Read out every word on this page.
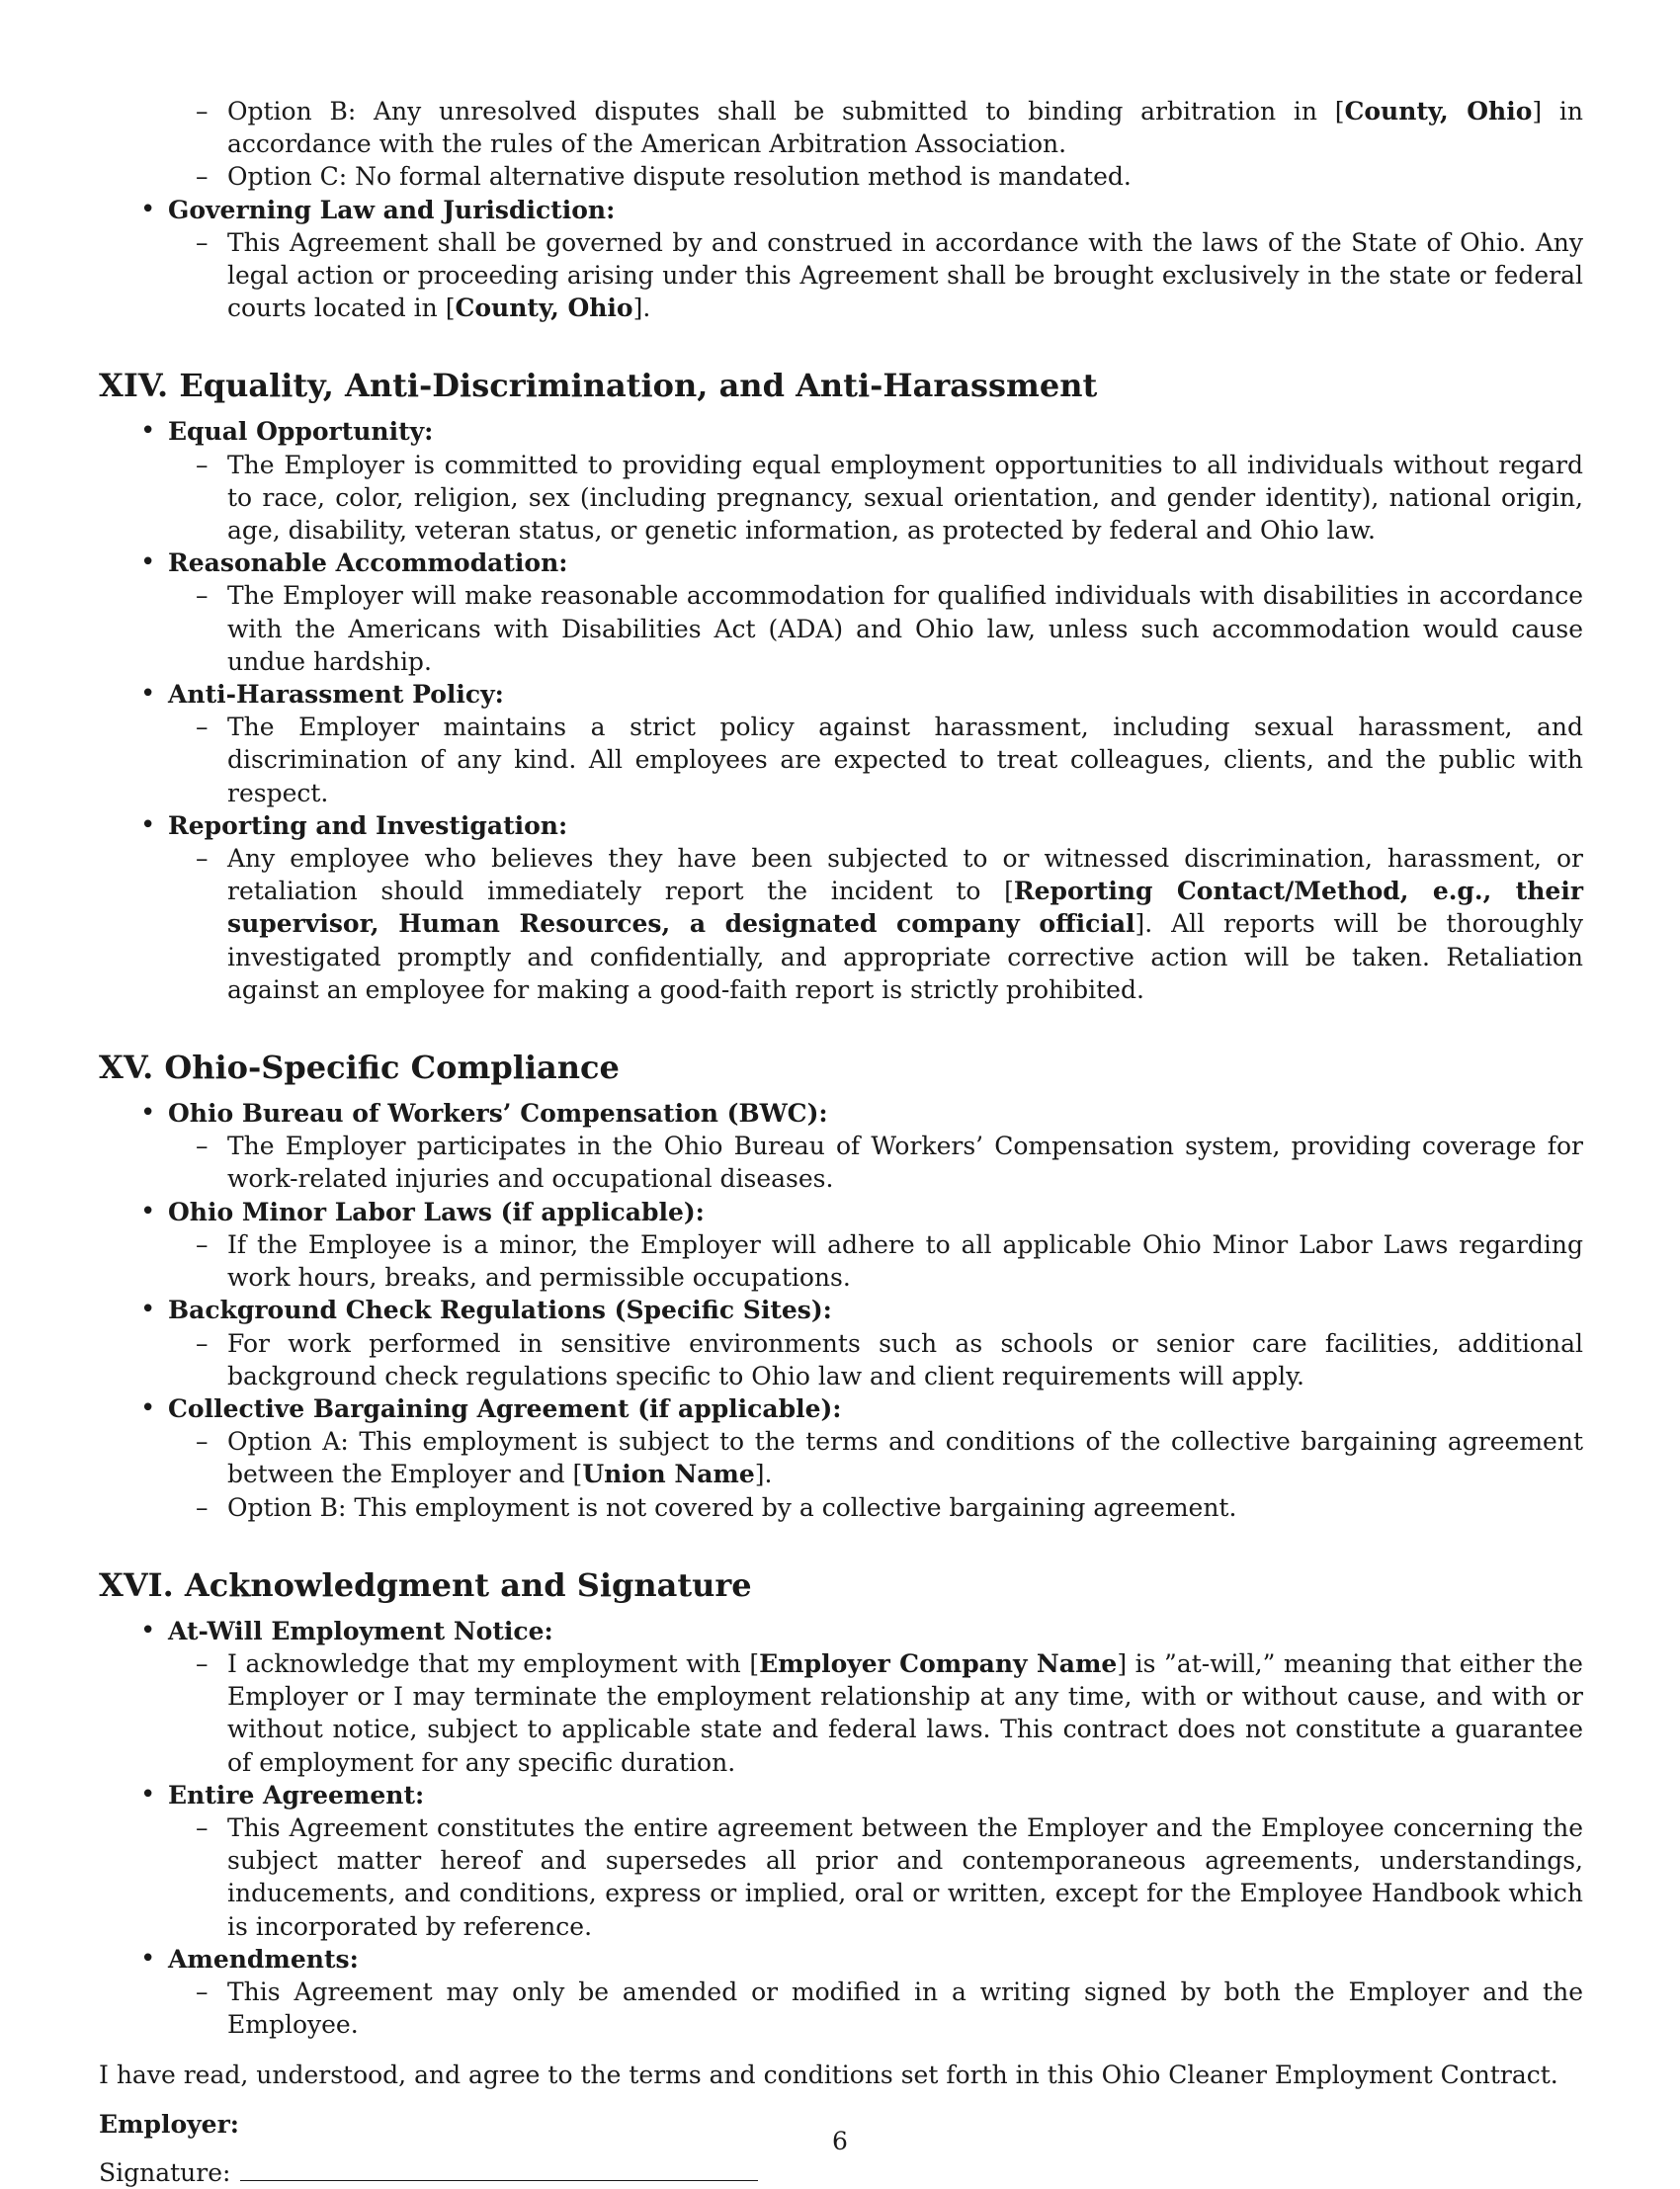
– Option B: Any unresolved disputes shall be submitted to binding arbitration in [County, Ohio] in accordance with the rules of the American Arbitration Association.
– Option C: No formal alternative dispute resolution method is mandated.
• Governing Law and Jurisdiction:
– This Agreement shall be governed by and construed in accordance with the laws of the State of Ohio. Any legal action or proceeding arising under this Agreement shall be brought exclusively in the state or federal courts located in [County, Ohio].
XIV. Equality, Anti-Discrimination, and Anti-Harassment
• Equal Opportunity:
– The Employer is committed to providing equal employment opportunities to all individuals without regard to race, color, religion, sex (including pregnancy, sexual orientation, and gender identity), national origin, age, disability, veteran status, or genetic information, as protected by federal and Ohio law.
• Reasonable Accommodation:
– The Employer will make reasonable accommodation for qualified individuals with disabilities in accordance with the Americans with Disabilities Act (ADA) and Ohio law, unless such accommodation would cause undue hardship.
• Anti-Harassment Policy:
– The Employer maintains a strict policy against harassment, including sexual harassment, and discrimination of any kind. All employees are expected to treat colleagues, clients, and the public with respect.
• Reporting and Investigation:
– Any employee who believes they have been subjected to or witnessed discrimination, harassment, or retaliation should immediately report the incident to [Reporting Contact/Method, e.g., their supervisor, Human Resources, a designated company official]. All reports will be thoroughly investigated promptly and confidentially, and appropriate corrective action will be taken. Retaliation against an employee for making a good-faith report is strictly prohibited.
XV. Ohio-Specific Compliance
• Ohio Bureau of Workers’ Compensation (BWC):
– The Employer participates in the Ohio Bureau of Workers’ Compensation system, providing coverage for work-related injuries and occupational diseases.
• Ohio Minor Labor Laws (if applicable):
– If the Employee is a minor, the Employer will adhere to all applicable Ohio Minor Labor Laws regarding work hours, breaks, and permissible occupations.
• Background Check Regulations (Specific Sites):
– For work performed in sensitive environments such as schools or senior care facilities, additional background check regulations specific to Ohio law and client requirements will apply.
• Collective Bargaining Agreement (if applicable):
– Option A: This employment is subject to the terms and conditions of the collective bargaining agreement between the Employer and [Union Name].
– Option B: This employment is not covered by a collective bargaining agreement.
XVI. Acknowledgment and Signature
• At-Will Employment Notice:
– I acknowledge that my employment with [Employer Company Name] is ”at-will,” meaning that either the Employer or I may terminate the employment relationship at any time, with or without cause, and with or without notice, subject to applicable state and federal laws. This contract does not constitute a guarantee of employment for any specific duration.
• Entire Agreement:
– This Agreement constitutes the entire agreement between the Employer and the Employee concerning the subject matter hereof and supersedes all prior and contemporaneous agreements, understandings, inducements, and conditions, express or implied, oral or written, except for the Employee Handbook which is incorporated by reference.
• Amendments:
– This Agreement may only be amended or modified in a writing signed by both the Employer and the Employee.

I have read, understood, and agree to the terms and conditions set forth in this Ohio Cleaner Employment Contract.

Employer:

Signature:

6
